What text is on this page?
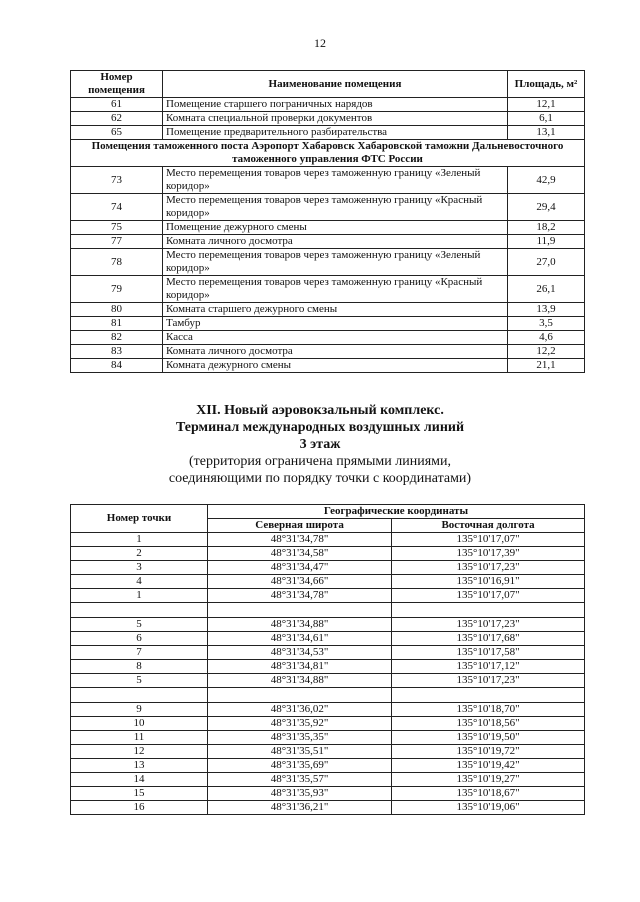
12
Номер помещения	Наименование помещения	Площадь, м²
61	Помещение старшего пограничных нарядов	12,1
62	Комната специальной проверки документов	6,1
65	Помещение предварительного разбирательства	13,1
Помещения таможенного поста Аэропорт Хабаровск Хабаровской таможни Дальневосточного таможенного управления ФТС России		
73	Место перемещения товаров через таможенную границу «Зеленый коридор»	42,9
74	Место перемещения товаров через таможенную границу «Красный коридор»	29,4
75	Помещение дежурного смены	18,2
77	Комната личного досмотра	11,9
78	Место перемещения товаров через таможенную границу «Зеленый коридор»	27,0
79	Место перемещения товаров через таможенную границу «Красный коридор»	26,1
80	Комната старшего дежурного смены	13,9
81	Тамбур	3,5
82	Касса	4,6
83	Комната личного досмотра	12,2
84	Комната дежурного смены	21,1
XII. Новый аэровокзальный комплекс.
Терминал международных воздушных линий
3 этаж
(территория ограничена прямыми линиями,
соединяющими по порядку точки с координатами)
Номер точки	Географические координаты	
	Северная широта	Восточная долгота
1	48°31'34,78"	135°10'17,07"
2	48°31'34,58"	135°10'17,39"
3	48°31'34,47"	135°10'17,23"
4	48°31'34,66"	135°10'16,91"
1	48°31'34,78"	135°10'17,07"

5	48°31'34,88"	135°10'17,23"
6	48°31'34,61"	135°10'17,68"
7	48°31'34,53"	135°10'17,58"
8	48°31'34,81"	135°10'17,12"
5	48°31'34,88"	135°10'17,23"

9	48°31'36,02"	135°10'18,70"
10	48°31'35,92"	135°10'18,56"
11	48°31'35,35"	135°10'19,50"
12	48°31'35,51"	135°10'19,72"
13	48°31'35,69"	135°10'19,42"
14	48°31'35,57"	135°10'19,27"
15	48°31'35,93"	135°10'18,67"
16	48°31'36,21"	135°10'19,06"
